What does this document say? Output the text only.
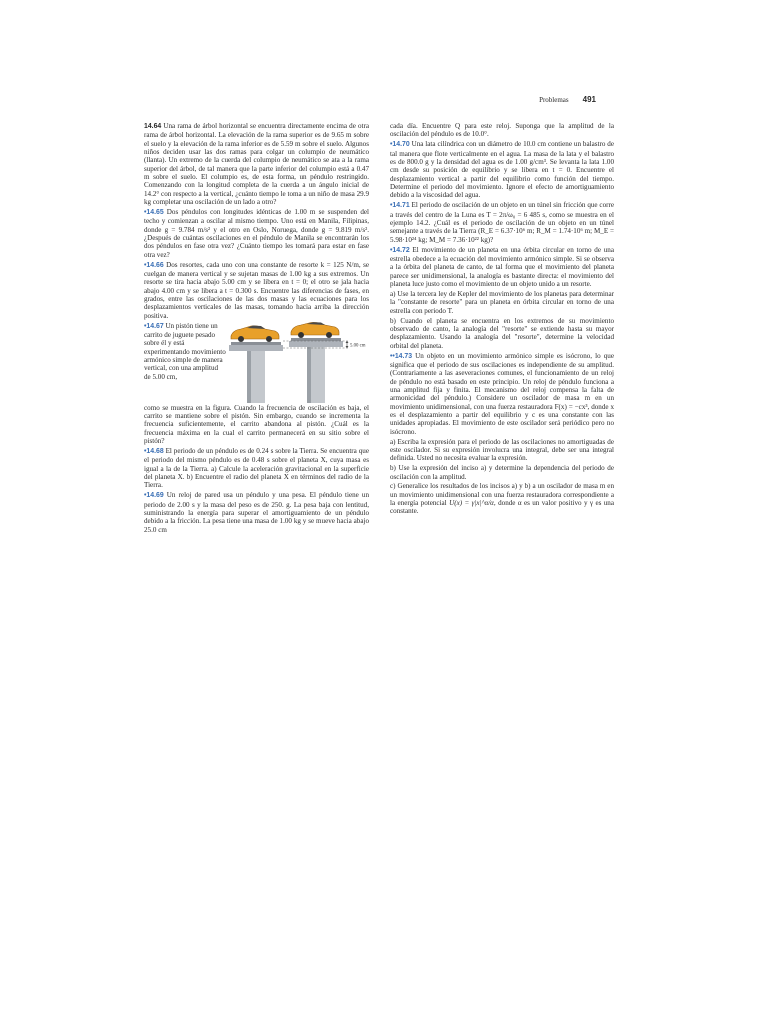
Problemas 491

14.64 Una rama de árbol horizontal se encuentra directamente encima de otra rama de árbol horizontal. La elevación de la rama superior es de 9.65 m sobre el suelo y la elevación de la rama inferior es de 5.59 m sobre el suelo. Algunos niños deciden usar las dos ramas para colgar un columpio de neumático (llanta). Un extremo de la cuerda del columpio de neumático se ata a la rama superior del árbol, de tal manera que la parte inferior del columpio está a 0.47 m sobre el suelo. El columpio es, de esta forma, un péndulo restringido. Comenzando con la longitud completa de la cuerda a un ángulo inicial de 14.2° con respecto a la vertical, ¿cuánto tiempo le toma a un niño de masa 29.9 kg completar una oscilación de un lado a otro?

•14.65 Dos péndulos con longitudes idénticas de 1.00 m se suspenden del techo y comienzan a oscilar al mismo tiempo. Uno está en Manila, Filipinas, donde g = 9.784 m/s² y el otro en Oslo, Noruega, donde g = 9.819 m/s². ¿Después de cuántas oscilaciones en el péndulo de Manila se encontrarán los dos péndulos en fase otra vez? ¿Cuánto tiempo les tomará para estar en fase otra vez?

•14.66 Dos resortes, cada uno con una constante de resorte k = 125 N/m, se cuelgan de manera vertical y se sujetan masas de 1.00 kg a sus extremos. Un resorte se tira hacia abajo 5.00 cm y se libera en t = 0; el otro se jala hacia abajo 4.00 cm y se libera a t = 0.300 s. Encuentre las diferencias de fases, en grados, entre las oscilaciones de las dos masas y las ecuaciones para los desplazamientos verticales de las masas, tomando hacia arriba la dirección positiva.

•14.67 Un pistón tiene un carrito de juguete pesado sobre él y está experimentando movimiento armónico simple de manera vertical, con una amplitud de 5.00 cm,
5.00 cm
como se muestra en la figura. Cuando la frecuencia de oscilación es baja, el carrito se mantiene sobre el pistón. Sin embargo, cuando se incrementa la frecuencia suficientemente, el carrito abandona al pistón. ¿Cuál es la frecuencia máxima en la cual el carrito permanecerá en su sitio sobre el pistón?

•14.68 El periodo de un péndulo es de 0.24 s sobre la Tierra. Se encuentra que el periodo del mismo péndulo es de 0.48 s sobre el planeta X, cuya masa es igual a la de la Tierra. a) Calcule la aceleración gravitacional en la superficie del planeta X. b) Encuentre el radio del planeta X en términos del radio de la Tierra.

•14.69 Un reloj de pared usa un péndulo y una pesa. El péndulo tiene un periodo de 2.00 s y la masa del peso es de 250. g. La pesa baja con lentitud, suministrando la energía para superar el amortiguamiento de un péndulo debido a la fricción. La pesa tiene una masa de 1.00 kg y se mueve hacia abajo 25.0 cm

cada día. Encuentre Q para este reloj. Suponga que la amplitud de la oscilación del péndulo es de 10.0°.

•14.70 Una lata cilíndrica con un diámetro de 10.0 cm contiene un balastro de tal manera que flote verticalmente en el agua. La masa de la lata y el balastro es de 800.0 g y la densidad del agua es de 1.00 g/cm³. Se levanta la lata 1.00 cm desde su posición de equilibrio y se libera en t = 0. Encuentre el desplazamiento vertical a partir del equilibrio como función del tiempo. Determine el periodo del movimiento. Ignore el efecto de amortiguamiento debido a la viscosidad del agua.

•14.71 El periodo de oscilación de un objeto en un túnel sin fricción que corre a través del centro de la Luna es T = 2π/ω₀ = 6 485 s, como se muestra en el ejemplo 14.2. ¿Cuál es el periodo de oscilación de un objeto en un túnel semejante a través de la Tierra (R_E = 6.37·10⁶ m; R_M = 1.74·10⁶ m; M_E = 5.98·10²⁴ kg; M_M = 7.36·10²² kg)?

•14.72 El movimiento de un planeta en una órbita circular en torno de una estrella obedece a la ecuación del movimiento armónico simple. Si se observa a la órbita del planeta de canto, de tal forma que el movimiento del planeta parece ser unidimensional, la analogía es bastante directa: el movimiento del planeta luce justo como el movimiento de un objeto unido a un resorte.

a) Use la tercera ley de Kepler del movimiento de los planetas para determinar la "constante de resorte" para un planeta en órbita circular en torno de una estrella con periodo T.

b) Cuando el planeta se encuentra en los extremos de su movimiento observado de canto, la analogía del "resorte" se extiende hasta su mayor desplazamiento. Usando la analogía del "resorte", determine la velocidad orbital del planeta.

••14.73 Un objeto en un movimiento armónico simple es isócrono, lo que significa que el periodo de sus oscilaciones es independiente de su amplitud. (Contrariamente a las aseveraciones comunes, el funcionamiento de un reloj de péndulo no está basado en este principio. Un reloj de péndulo funciona a una amplitud fija y finita. El mecanismo del reloj compensa la falta de armonicidad del péndulo.) Considere un oscilador de masa m en un movimiento unidimensional, con una fuerza restauradora F(x) = −cx³, donde x es el desplazamiento a partir del equilibrio y c es una constante con las unidades apropiadas. El movimiento de este oscilador será periódico pero no isócrono.

a) Escriba la expresión para el periodo de las oscilaciones no amortiguadas de este oscilador. Si su expresión involucra una integral, debe ser una integral definida. Usted no necesita evaluar la expresión.

b) Use la expresión del inciso a) y determine la dependencia del periodo de oscilación con la amplitud.

c) Generalice los resultados de los incisos a) y b) a un oscilador de masa m en un movimiento unidimensional con una fuerza restauradora correspondiente a la energía potencial U(x) = γ|x|^α/α, donde α es un valor positivo y γ es una constante.
